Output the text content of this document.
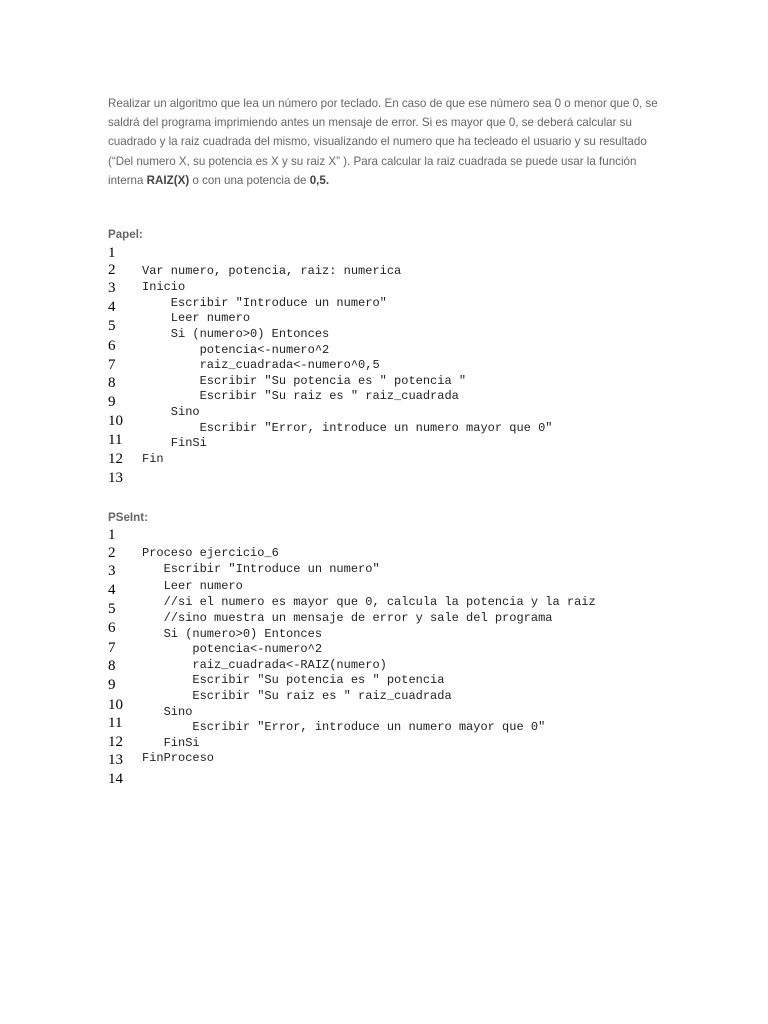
Realizar un algoritmo que lea un número por teclado. En caso de que ese número sea 0 o menor que 0, se saldrá del programa imprimiendo antes un mensaje de error. Si es mayor que 0, se deberá calcular su cuadrado y la raiz cuadrada del mismo, visualizando el numero que ha tecleado el usuario y su resultado (“Del numero X, su potencia es X y su raiz X” ). Para calcular la raiz cuadrada se puede usar la función interna RAIZ(X) o con una potencia de 0,5.

Papel:

1
2 Var numero, potencia, raiz: numerica
3 Inicio
4 Escribir "Introduce un numero"
5 Leer numero
6
Si (numero>0) Entonces
7
potencia<-numero^2
8
raiz_cuadrada<-numero^0,5
9
Escribir "Su potencia es " potencia "
10
Escribir "Su raiz es " raiz_cuadrada
11
Sino
12
Escribir "Error, introduce un numero mayor que 0"
13
FinSi
Fin

PSeInt:

1
2 Proceso ejercicio_6
3 Escribir "Introduce un numero"
4 Leer numero
5 //si el numero es mayor que 0, calcula la potencia y la raiz
6
//sino muestra un mensaje de error y sale del programa
7
Si (numero>0) Entonces
8
potencia<-numero^2
9
raiz_cuadrada<-RAIZ(numero)
10
Escribir "Su potencia es " potencia
11
Escribir "Su raiz es " raiz_cuadrada
12
Sino
13
Escribir "Error, introduce un numero mayor que 0"
14
FinSi
FinProceso
